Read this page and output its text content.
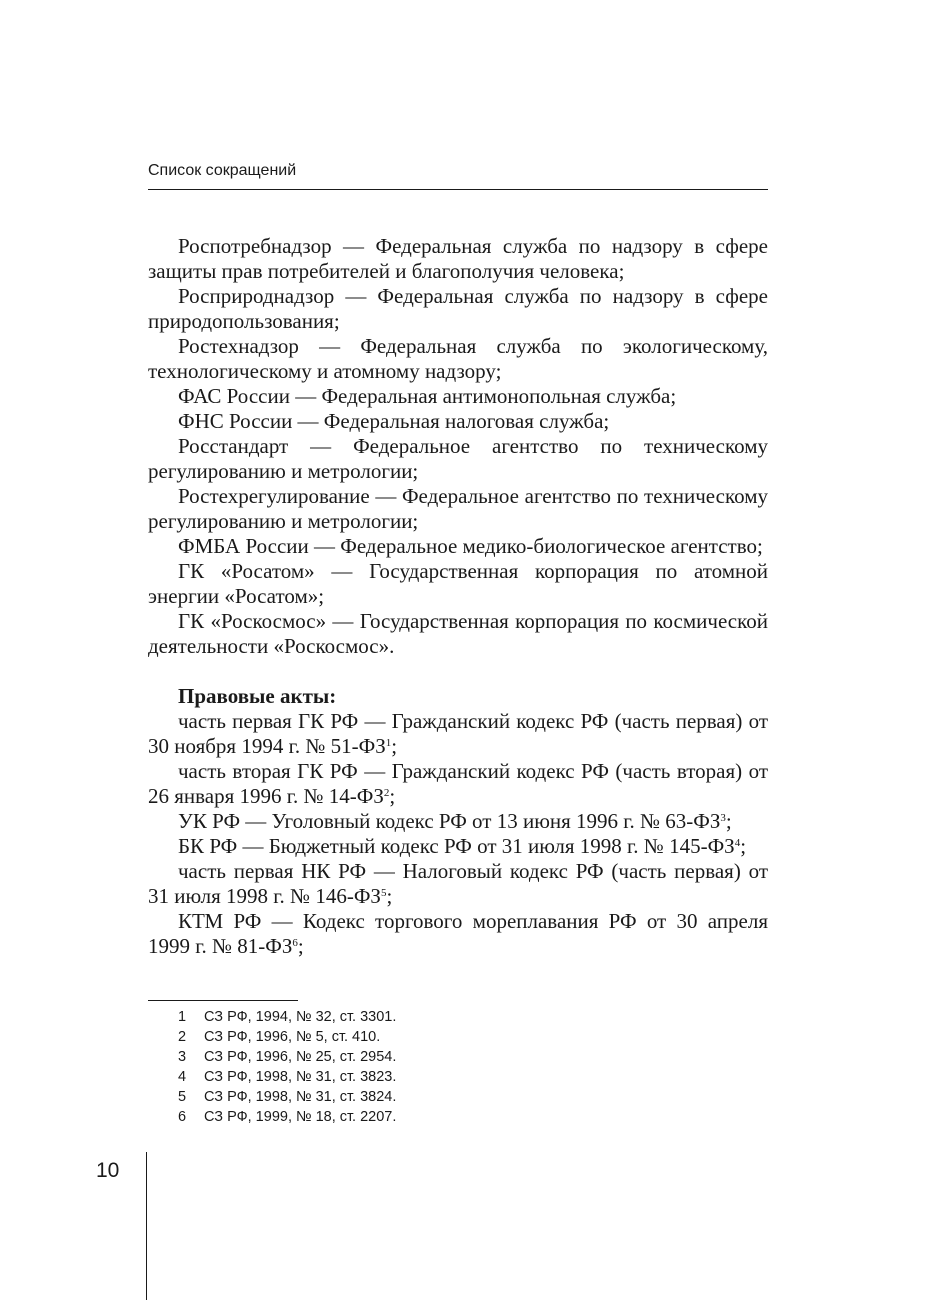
Список сокращений

Роспотребнадзор — Федеральная служба по надзору в сфере защиты прав потребителей и благополучия человека;

Росприроднадзор — Федеральная служба по надзору в сфере природопользования;

Ростехнадзор — Федеральная служба по экологическому, технологическому и атомному надзору;

ФАС России — Федеральная антимонопольная служба;

ФНС России — Федеральная налоговая служба;

Росстандарт — Федеральное агентство по техническому регулированию и метрологии;

Ростехрегулирование — Федеральное агентство по техническому регулированию и метрологии;

ФМБА России — Федеральное медико-биологическое агентство;

ГК «Росатом» — Государственная корпорация по атомной энергии «Росатом»;

ГК «Роскосмос» — Государственная корпорация по космической деятельности «Роскосмос».

Правовые акты:

часть первая ГК РФ — Гражданский кодекс РФ (часть первая) от 30 ноября 1994 г. № $51-ФЗ^1$;

часть вторая ГК РФ — Гражданский кодекс РФ (часть вторая) от 26 января 1996 г. № $14-ФЗ^2$;

УК РФ — Уголовный кодекс РФ от 13 июня 1996 г. № $63-ФЗ^3$;

БК РФ — Бюджетный кодекс РФ от 31 июля 1998 г. № $145-ФЗ^4$;

часть первая НК РФ — Налоговый кодекс РФ (часть первая) от 31 июля 1998 г. № $146-ФЗ^5$;

КТМ РФ — Кодекс торгового мореплавания РФ от 30 апреля 1999 г. № $81-ФЗ^6$;

1	СЗ РФ, 1994, № 32, ст. 3301.
2	СЗ РФ, 1996, № 5, ст. 410.
3	СЗ РФ, 1996, № 25, ст. 2954.
4	СЗ РФ, 1998, № 31, ст. 3823.
5	СЗ РФ, 1998, № 31, ст. 3824.
6	СЗ РФ, 1999, № 18, ст. 2207.
10
